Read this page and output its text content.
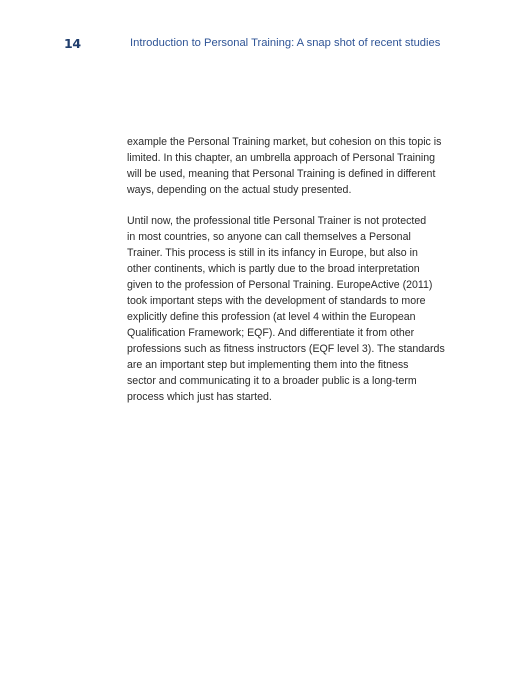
14	Introduction to Personal Training: A snap shot of recent studies
example the Personal Training market, but cohesion on this topic is
limited. In this chapter, an umbrella approach of Personal Training
will be used, meaning that Personal Training is defined in different
ways, depending on the actual study presented.
Until now, the professional title Personal Trainer is not protected
in most countries, so anyone can call themselves a Personal
Trainer. This process is still in its infancy in Europe, but also in
other continents, which is partly due to the broad interpretation
given to the profession of Personal Training. EuropeActive (2011)
took important steps with the development of standards to more
explicitly define this profession (at level 4 within the European
Qualification Framework; EQF). And differentiate it from other
professions such as fitness instructors (EQF level 3). The standards
are an important step but implementing them into the fitness
sector and communicating it to a broader public is a long-term
process which just has started.
